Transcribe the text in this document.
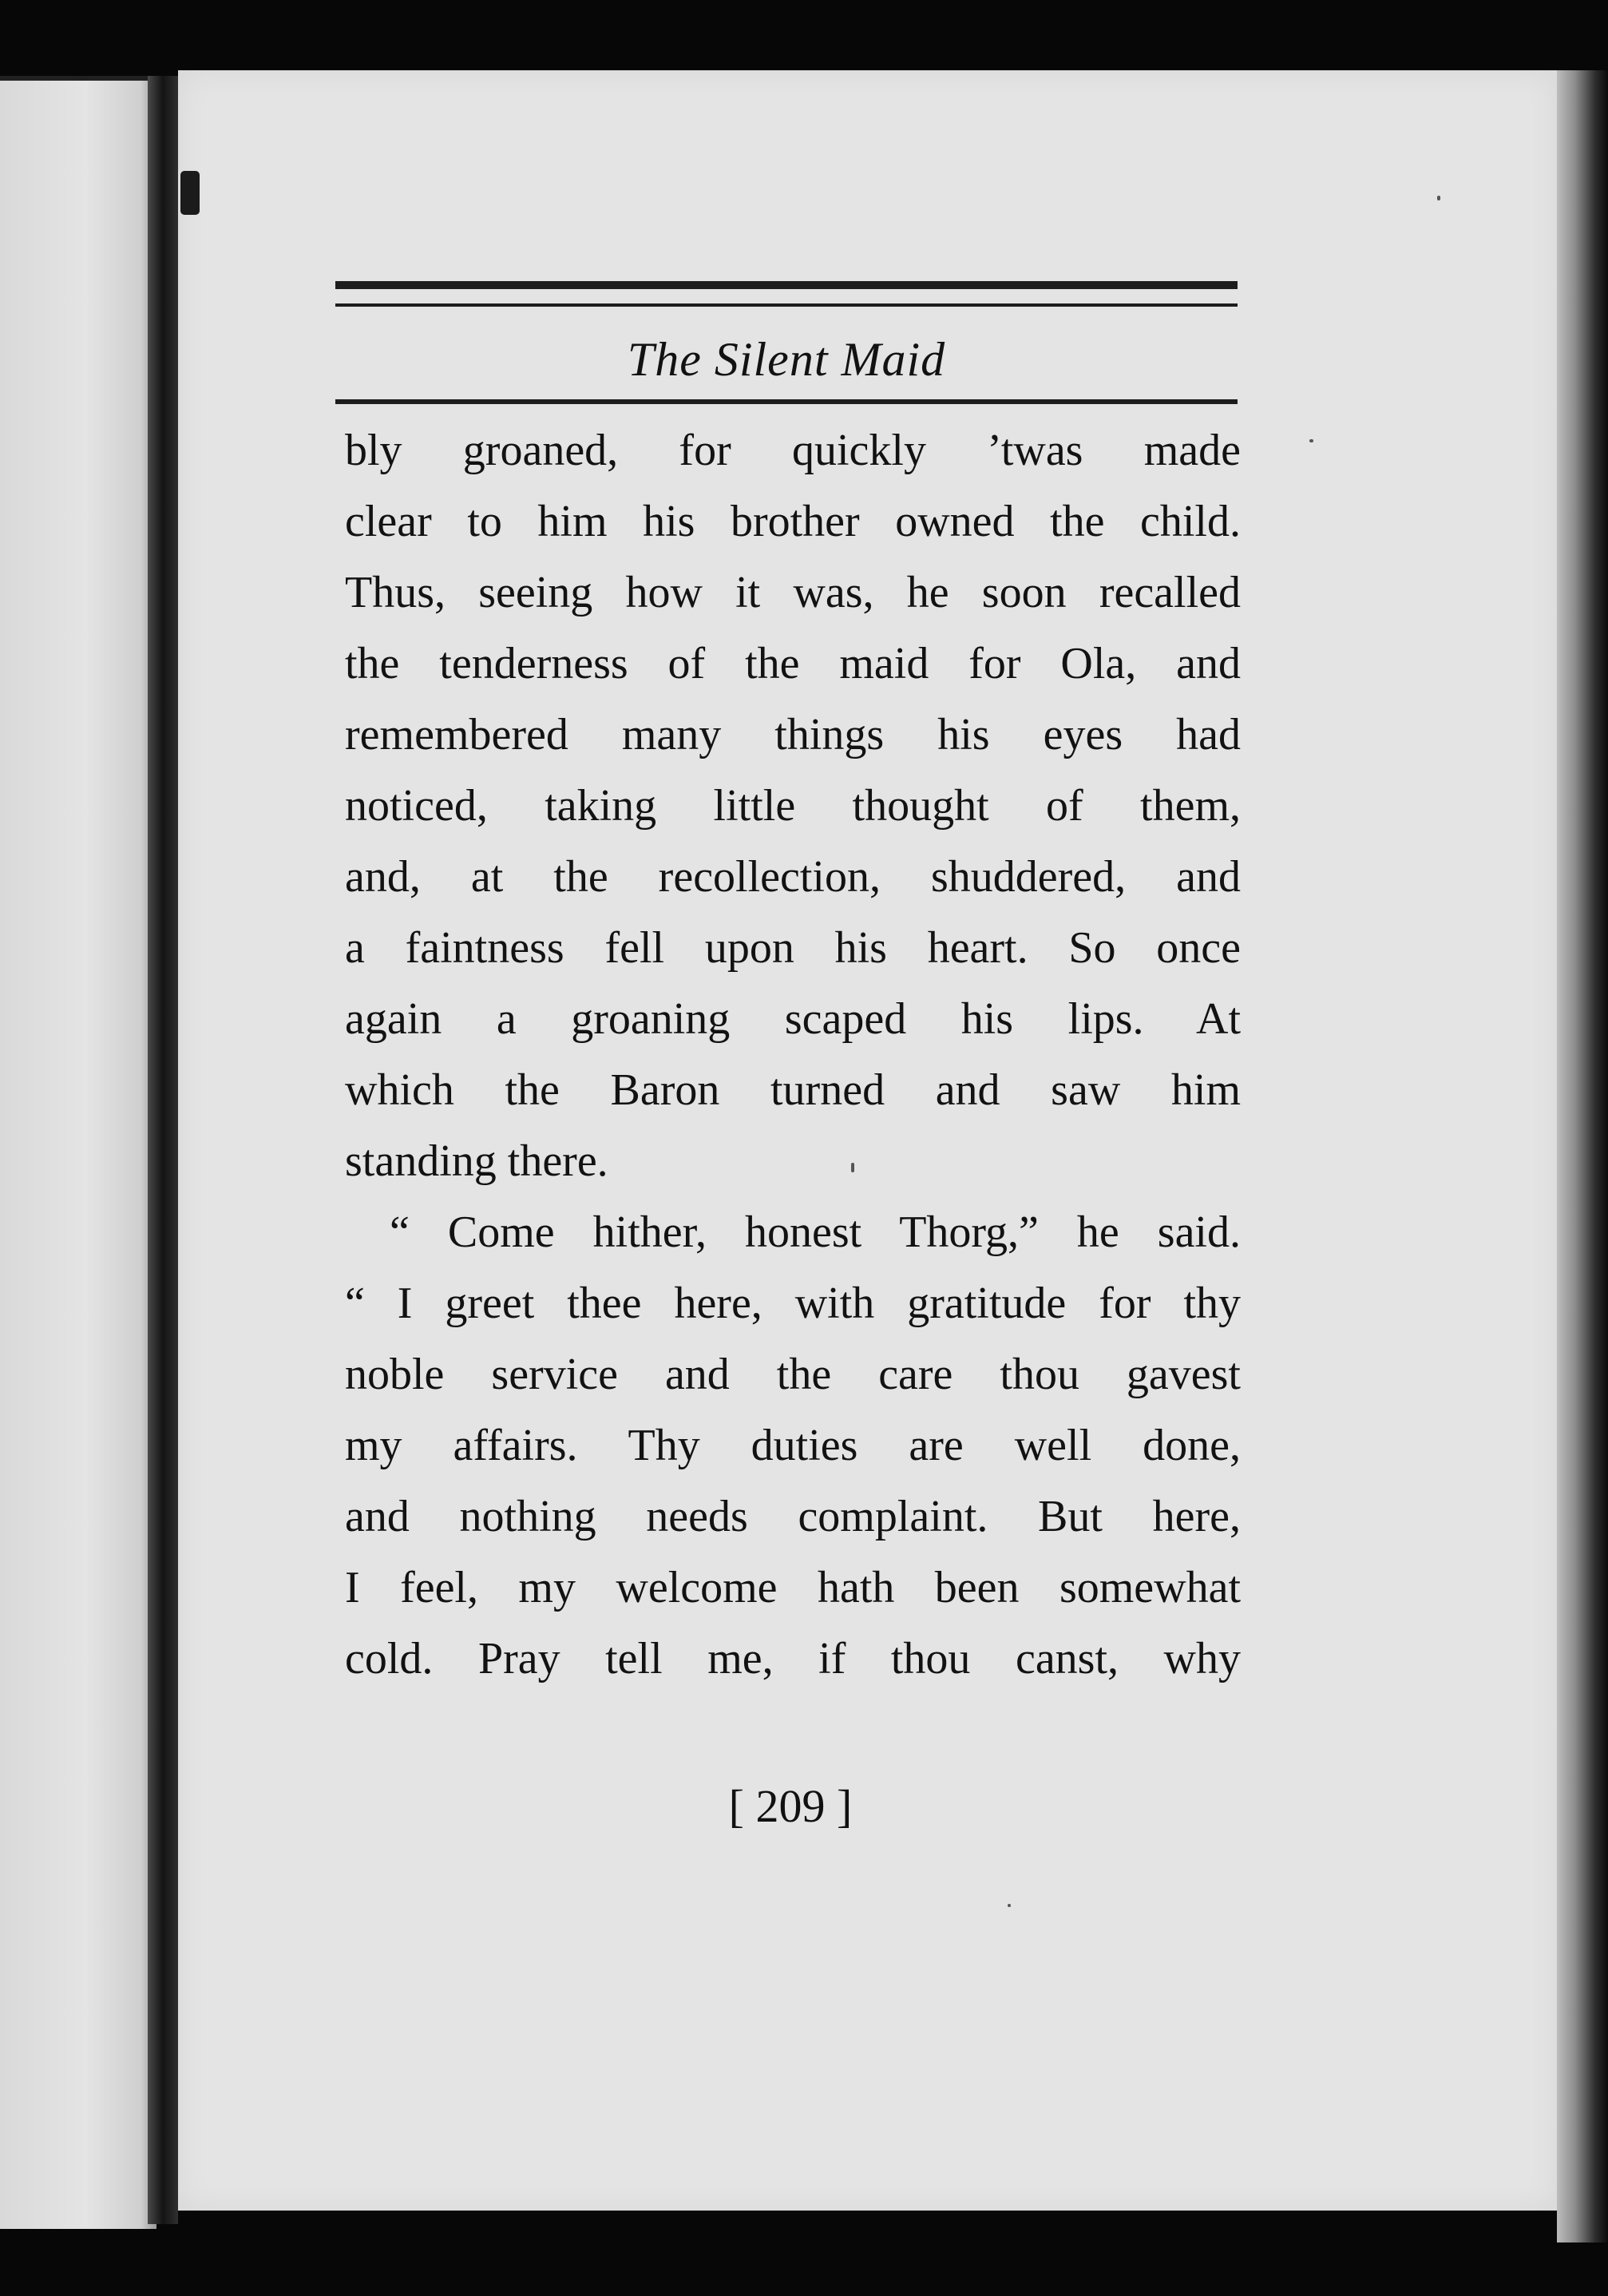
The Silent Maid
bly groaned, for quickly ’twas made
clear to him his brother owned the child.
Thus, seeing how it was, he soon recalled
the tenderness of the maid for Ola, and
remembered many things his eyes had
noticed, taking little thought of them,
and, at the recollection, shuddered, and
a faintness fell upon his heart. So once
again a groaning scaped his lips. At
which the Baron turned and saw him
standing there.
“ Come hither, honest Thorg,” he said.
“ I greet thee here, with gratitude for thy
noble service and the care thou gavest
my affairs. Thy duties are well done,
and nothing needs complaint. But here,
I feel, my welcome hath been somewhat
cold. Pray tell me, if thou canst, why
[ 209 ]
